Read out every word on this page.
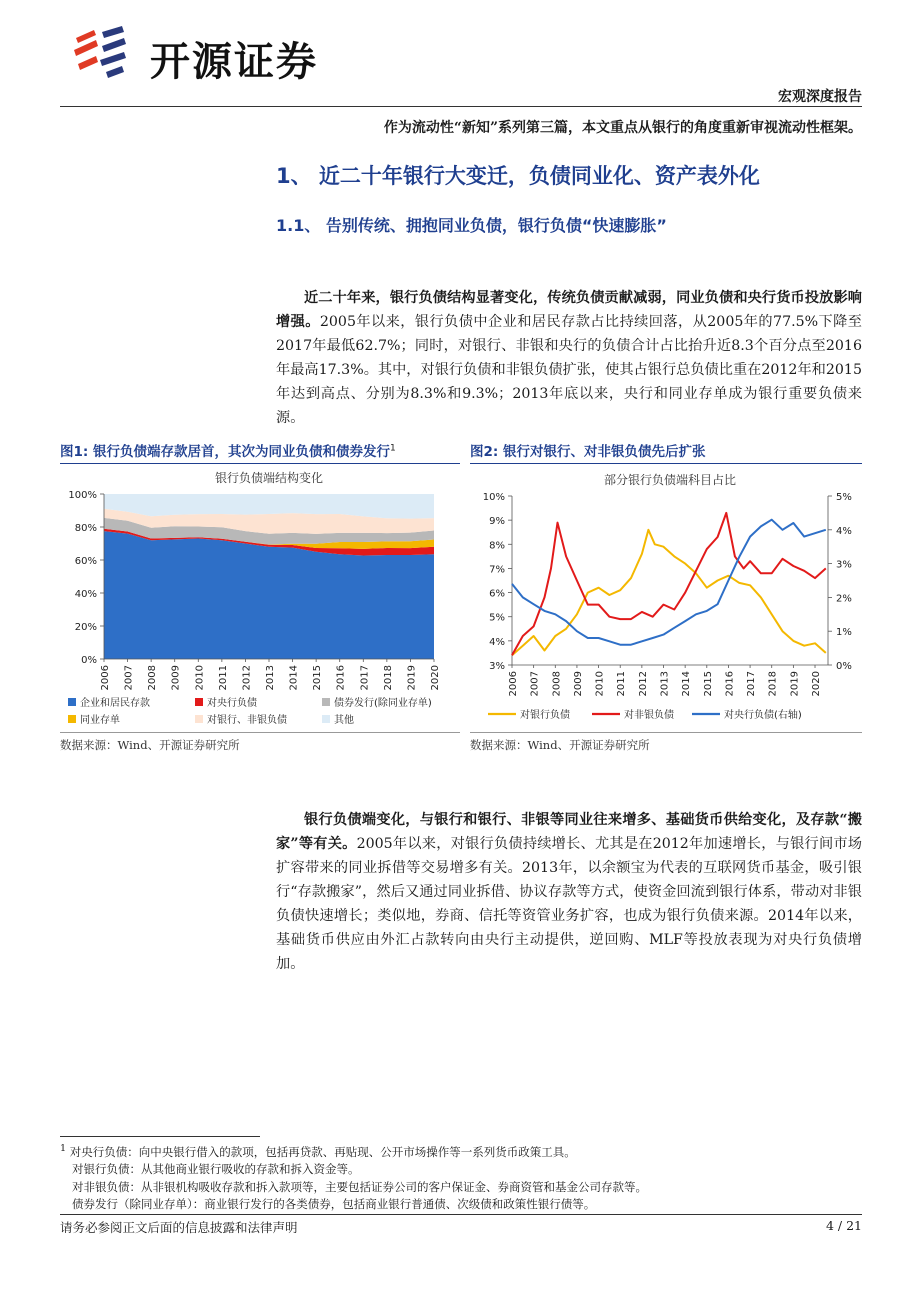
开源证券
宏观深度报告
作为流动性“新知”系列第三篇，本文重点从银行的角度重新审视流动性框架。
1、 近二十年银行大变迁，负债同业化、资产表外化
1.1、 告别传统、拥抱同业负债，银行负债“快速膨胀”
近二十年来，银行负债结构显著变化，传统负债贡献减弱，同业负债和央行货币投放影响增强。2005年以来，银行负债中企业和居民存款占比持续回落，从2005年的77.5%下降至2017年最低62.7%；同时，对银行、非银和央行的负债合计占比抬升近8.3个百分点至2016年最高17.3%。其中，对银行负债和非银负债扩张，使其占银行总负债比重在2012年和2015年达到高点、分别为8.3%和9.3%；2013年底以来，央行和同业存单成为银行重要负债来源。
图1: 银行负债端存款居首，其次为同业负债和债券发行$^1$	图2: 银行对银行、对非银负债先后扩张
银行负债端结构变化
0%
20%
40%
60%
80%
100%
2006 2007 2008 2009 2010 2011 2012 2013 2014 2015 2016 2017 2018 2019 2020
企业和居民存款	对央行负债	债券发行(除同业存单)
同业存单	对银行、非银负债	其他
部分银行负债端科目占比
3%
4%
5%
6%
7%
8%
9%
10%
0%
1%
2%
3%
4%
5%
2006 2007 2008 2009 2010 2011 2012 2013 2014 2015 2016 2017 2018 2019 2020
对银行负债	对非银负债	对央行负债(右轴)
数据来源：Wind、开源证券研究所	数据来源：Wind、开源证券研究所
银行负债端变化，与银行和银行、非银等同业往来增多、基础货币供给变化，及存款“搬家”等有关。2005年以来，对银行负债持续增长、尤其是在2012年加速增长，与银行间市场扩容带来的同业拆借等交易增多有关。2013年，以余额宝为代表的互联网货币基金，吸引银行“存款搬家”，然后又通过同业拆借、协议存款等方式，使资金回流到银行体系，带动对非银负债快速增长；类似地，券商、信托等资管业务扩容，也成为银行负债来源。2014年以来，基础货币供应由外汇占款转向由央行主动提供，逆回购、MLF等投放表现为对央行负债增加。
$^1$ 对央行负债：向中央银行借入的款项，包括再贷款、再贴现、公开市场操作等一系列货币政策工具。
对银行负债：从其他商业银行吸收的存款和拆入资金等。
对非银负债：从非银机构吸收存款和拆入款项等，主要包括证券公司的客户保证金、券商资管和基金公司存款等。
债券发行（除同业存单）：商业银行发行的各类债券，包括商业银行普通债、次级债和政策性银行债等。
请务必参阅正文后面的信息披露和法律声明	4 / 21
